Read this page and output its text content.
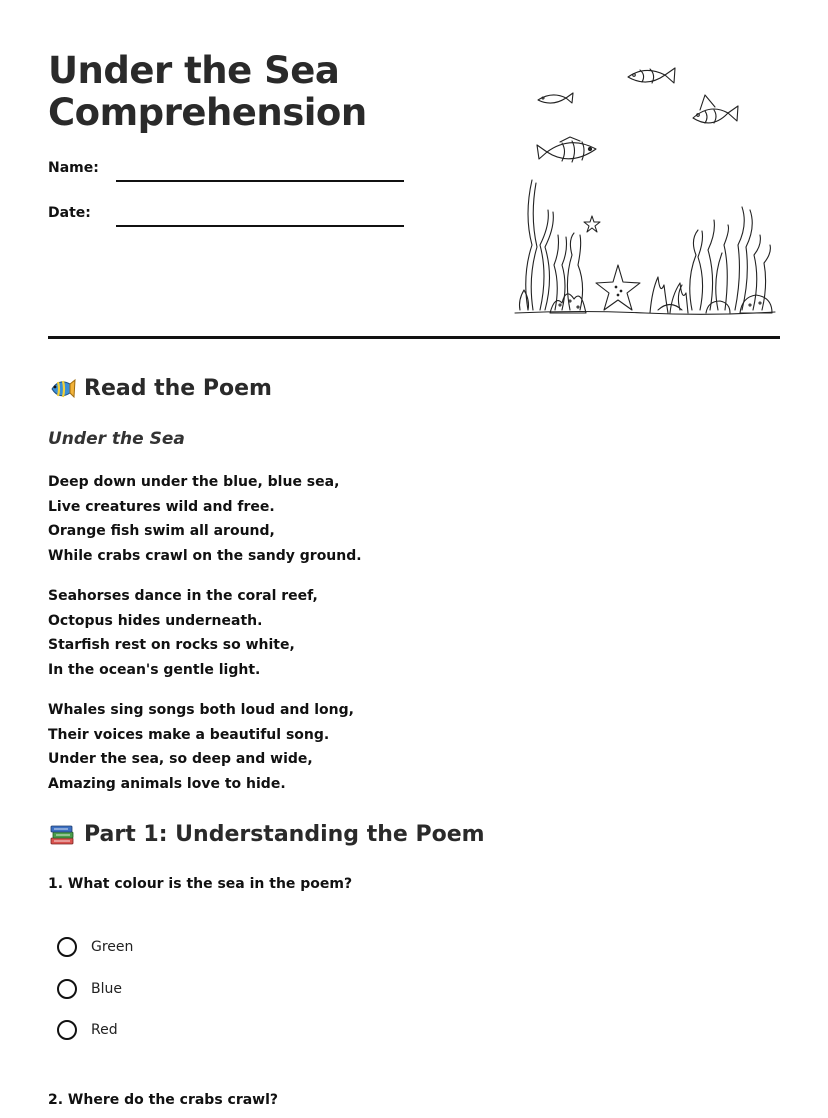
Under the Sea
Comprehension
Name:
Date:
Read the Poem
Under the Sea
Deep down under the blue, blue sea,
Live creatures wild and free.
Orange fish swim all around,
While crabs crawl on the sandy ground.
Seahorses dance in the coral reef,
Octopus hides underneath.
Starfish rest on rocks so white,
In the ocean's gentle light.
Whales sing songs both loud and long,
Their voices make a beautiful song.
Under the sea, so deep and wide,
Amazing animals love to hide.
Part 1: Understanding the Poem
1. What colour is the sea in the poem?
Green
Blue
Red
2. Where do the crabs crawl?
